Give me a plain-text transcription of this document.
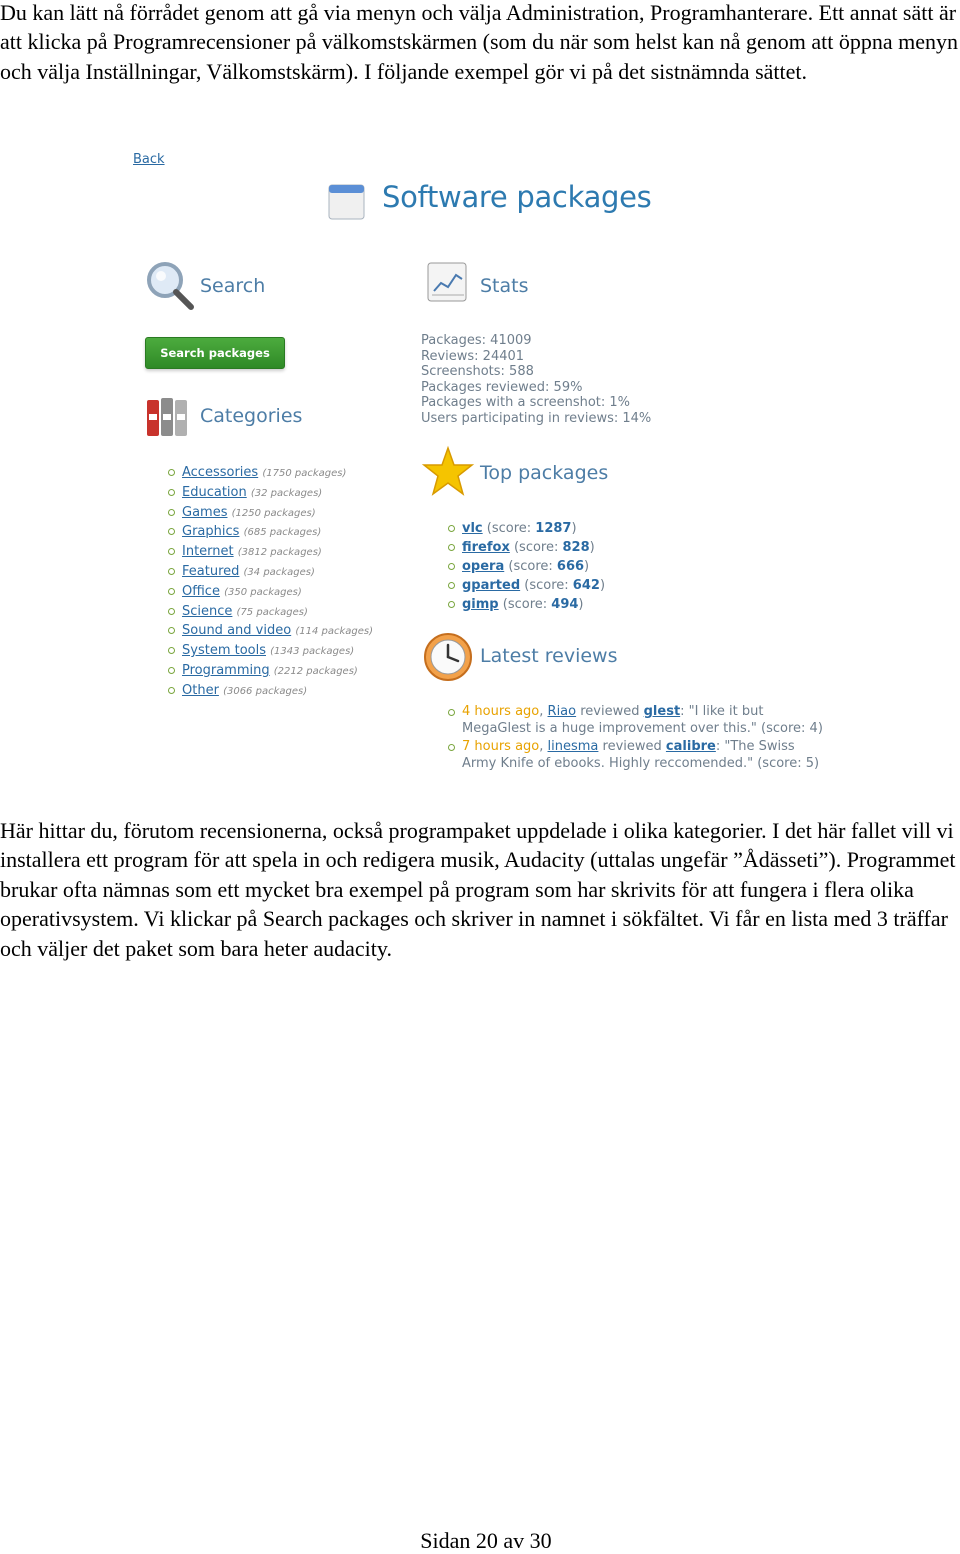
Du kan lätt nå förrådet genom att gå via menyn och välja Administration, Programhanterare. Ett annat sätt är att klicka på Programrecensioner på välkomstskärmen (som du när som helst kan nå genom att öppna menyn och välja Inställningar, Välkomstskärm). I följande exempel gör vi på det sistnämnda sättet.

Back
Software packages
Search
Search packages
Stats
Packages: 41009
Reviews: 24401
Screenshots: 588
Packages reviewed: 59%
Packages with a screenshot: 1%
Users participating in reviews: 14%
Categories
Accessories (1750 packages)
Education (32 packages)
Games (1250 packages)
Graphics (685 packages)
Internet (3812 packages)
Featured (34 packages)
Office (350 packages)
Science (75 packages)
Sound and video (114 packages)
System tools (1343 packages)
Programming (2212 packages)
Other (3066 packages)
Top packages
vlc (score: 1287)
firefox (score: 828)
opera (score: 666)
gparted (score: 642)
gimp (score: 494)
Latest reviews
4 hours ago, Riao reviewed glest: "I like it but MegaGlest is a huge improvement over this." (score: 4)
7 hours ago, linesma reviewed calibre: "The Swiss Army Knife of ebooks. Highly reccomended." (score: 5)

Här hittar du, förutom recensionerna, också programpaket uppdelade i olika kategorier. I det här fallet vill vi installera ett program för att spela in och redigera musik, Audacity (uttalas ungefär ”Ådässeti”). Programmet brukar ofta nämnas som ett mycket bra exempel på program som har skrivits för att fungera i flera olika operativsystem. Vi klickar på Search packages och skriver in namnet i sökfältet. Vi får en lista med 3 träffar och väljer det paket som bara heter audacity.

Sidan 20 av 30
